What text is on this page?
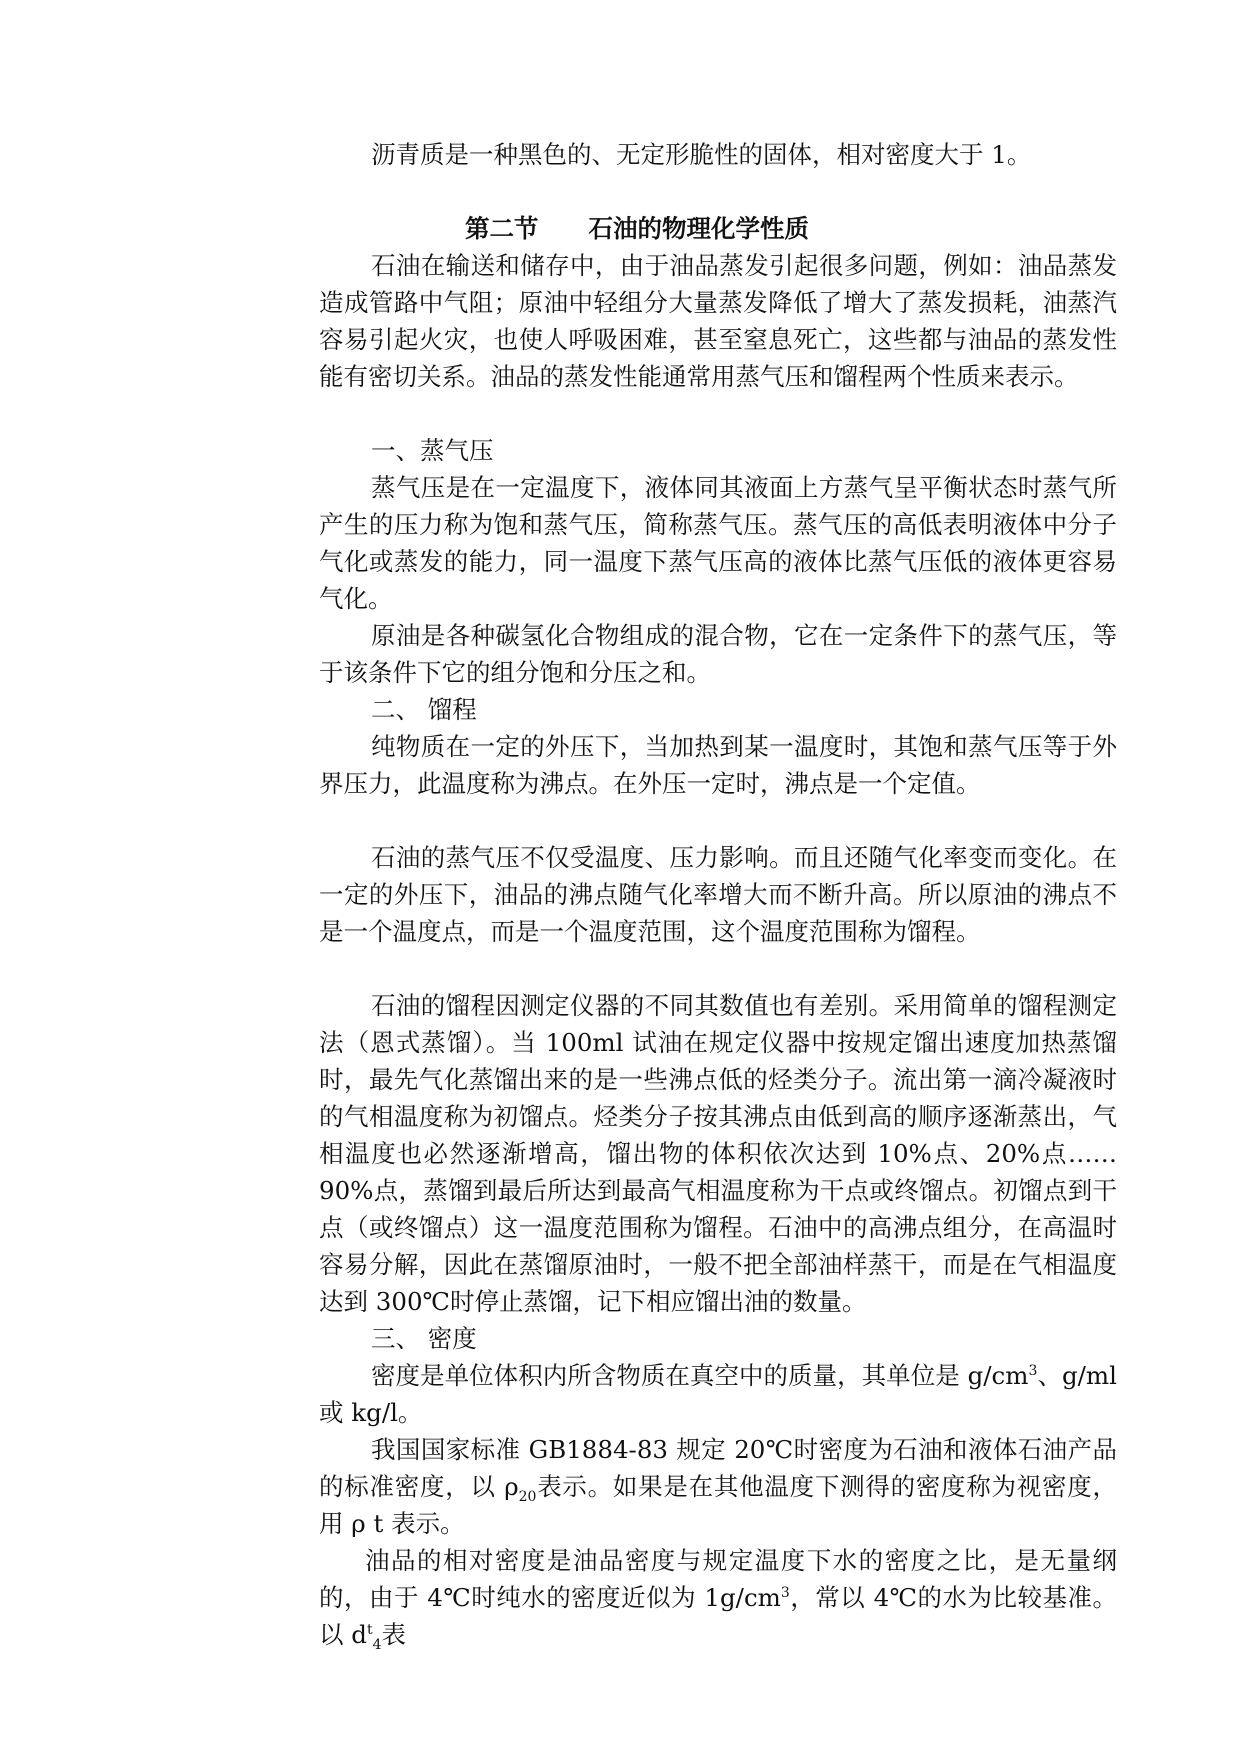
沥青质是一种黑色的、无定形脆性的固体，相对密度大于 1。

第二节 石油的物理化学性质

石油在输送和储存中，由于油品蒸发引起很多问题，例如：油品蒸发造成管路中气阻；原油中轻组分大量蒸发降低了增大了蒸发损耗，油蒸汽容易引起火灾，也使人呼吸困难，甚至窒息死亡，这些都与油品的蒸发性能有密切关系。油品的蒸发性能通常用蒸气压和馏程两个性质来表示。

一、蒸气压

蒸气压是在一定温度下，液体同其液面上方蒸气呈平衡状态时蒸气所产生的压力称为饱和蒸气压，简称蒸气压。蒸气压的高低表明液体中分子气化或蒸发的能力，同一温度下蒸气压高的液体比蒸气压低的液体更容易气化。

原油是各种碳氢化合物组成的混合物，它在一定条件下的蒸气压，等于该条件下它的组分饱和分压之和。

二、 馏程

纯物质在一定的外压下，当加热到某一温度时，其饱和蒸气压等于外界压力，此温度称为沸点。在外压一定时，沸点是一个定值。

石油的蒸气压不仅受温度、压力影响。而且还随气化率变而变化。在一定的外压下，油品的沸点随气化率增大而不断升高。所以原油的沸点不是一个温度点，而是一个温度范围，这个温度范围称为馏程。

石油的馏程因测定仪器的不同其数值也有差别。采用简单的馏程测定法（恩式蒸馏）。当 100ml 试油在规定仪器中按规定馏出速度加热蒸馏时，最先气化蒸馏出来的是一些沸点低的烃类分子。流出第一滴冷凝液时的气相温度称为初馏点。烃类分子按其沸点由低到高的顺序逐渐蒸出，气相温度也必然逐渐增高，馏出物的体积依次达到 10%点、20%点……90%点，蒸馏到最后所达到最高气相温度称为干点或终馏点。初馏点到干点（或终馏点）这一温度范围称为馏程。石油中的高沸点组分，在高温时容易分解，因此在蒸馏原油时，一般不把全部油样蒸干，而是在气相温度达到 300℃时停止蒸馏，记下相应馏出油的数量。

三、 密度

密度是单位体积内所含物质在真空中的质量，其单位是 $g/cm^3$、g/ml 或 kg/l。

我国国家标准 GB1884-83 规定 20℃时密度为石油和液体石油产品的标准密度，以 $\rho_{20}$表示。如果是在其他温度下测得的密度称为视密度，用 ρ t 表示。

油品的相对密度是油品密度与规定温度下水的密度之比，是无量纲的，由于 4℃时纯水的密度近似为 $1g/cm^3$，常以 4℃的水为比较基准。以 $d^t_4$表
